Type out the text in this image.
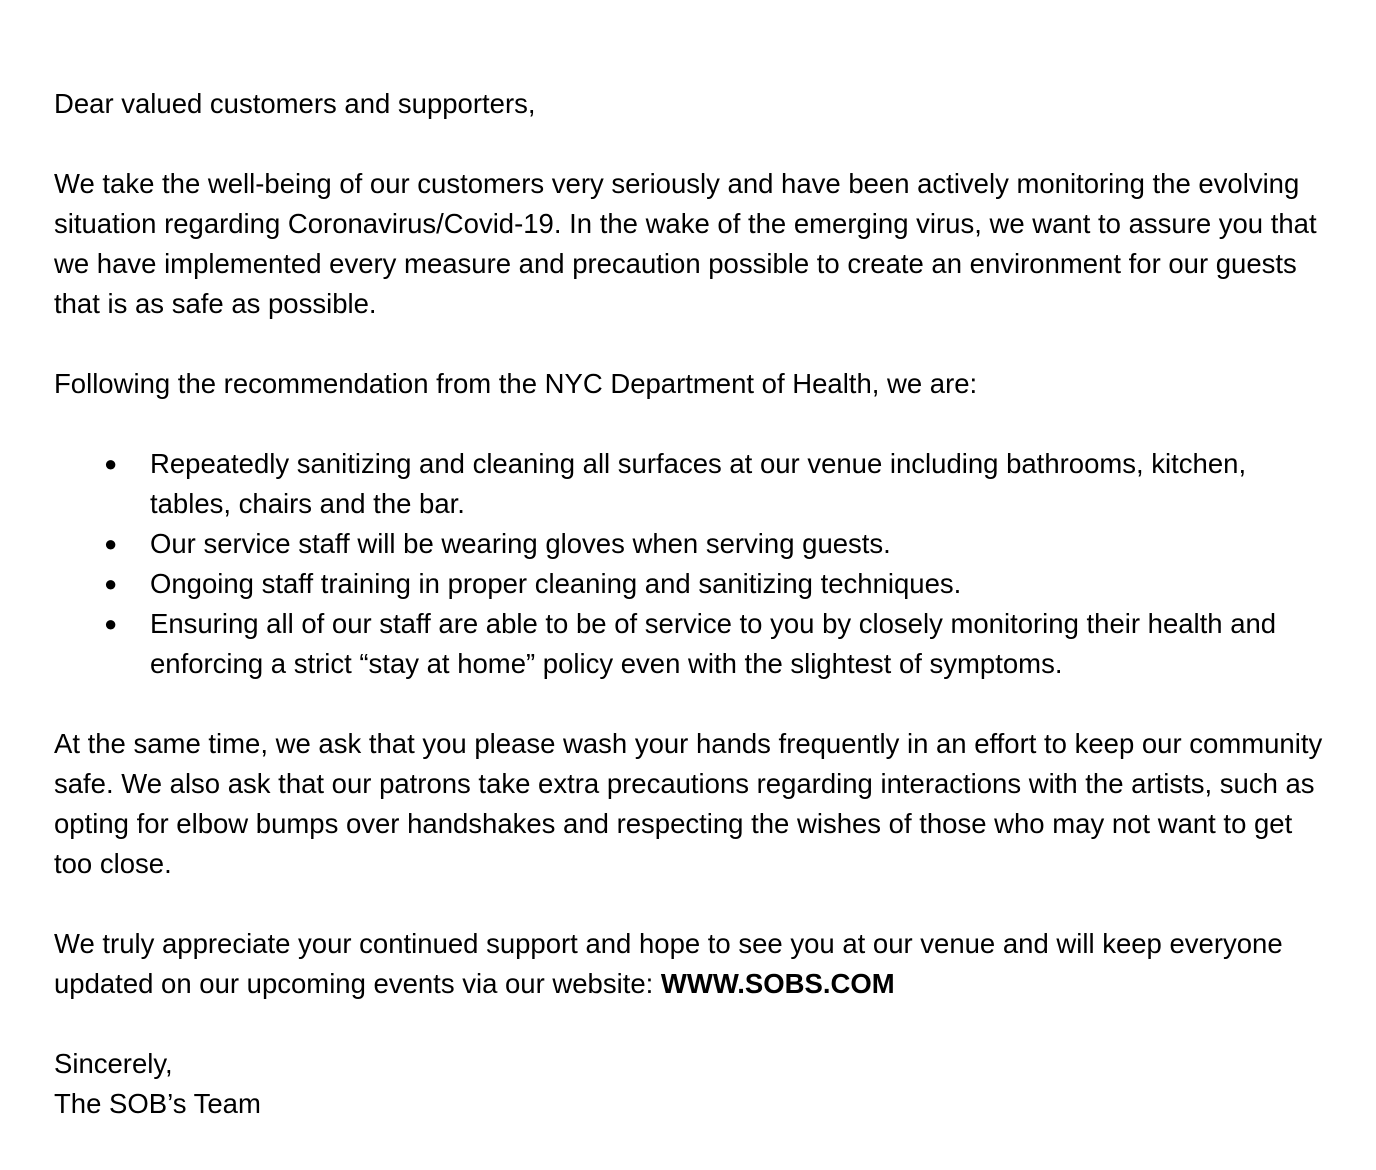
Dear valued customers and supporters,

We take the well-being of our customers very seriously and have been actively monitoring the evolving situation regarding Coronavirus/Covid-19. In the wake of the emerging virus, we want to assure you that we have implemented every measure and precaution possible to create an environment for our guests that is as safe as possible.

Following the recommendation from the NYC Department of Health, we are:

● Repeatedly sanitizing and cleaning all surfaces at our venue including bathrooms, kitchen, tables, chairs and the bar.
● Our service staff will be wearing gloves when serving guests.
● Ongoing staff training in proper cleaning and sanitizing techniques.
● Ensuring all of our staff are able to be of service to you by closely monitoring their health and enforcing a strict “stay at home” policy even with the slightest of symptoms.

At the same time, we ask that you please wash your hands frequently in an effort to keep our community safe. We also ask that our patrons take extra precautions regarding interactions with the artists, such as opting for elbow bumps over handshakes and respecting the wishes of those who may not want to get too close.

We truly appreciate your continued support and hope to see you at our venue and will keep everyone updated on our upcoming events via our website: WWW.SOBS.COM

Sincerely,

The SOB’s Team
